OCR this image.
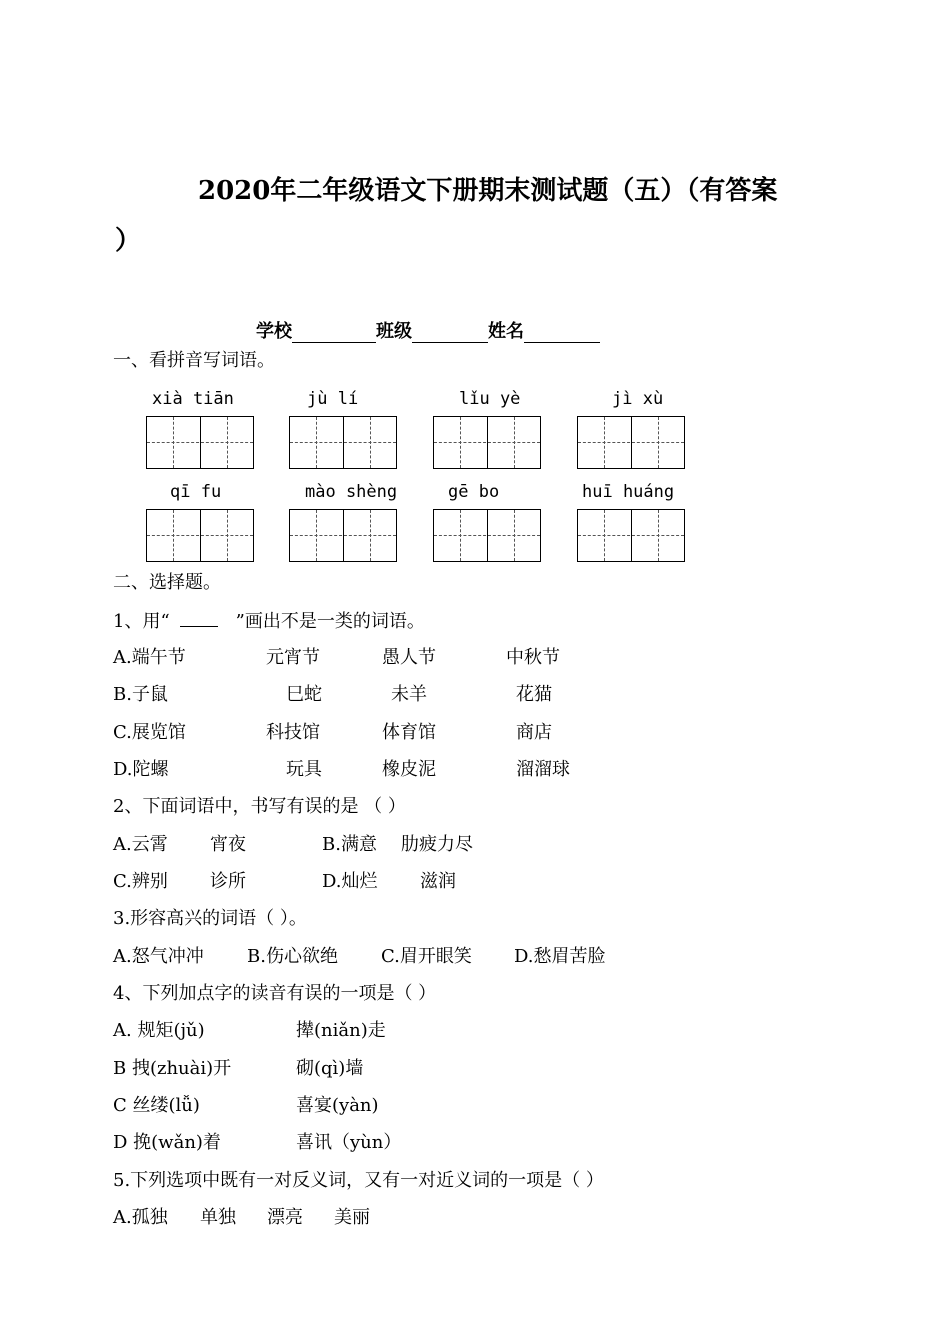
2020年二年级语文下册期末测试题（五）（有答案
）
学校	班级	姓名
一、看拼音写词语。
xià tiān	jù lí	lǐu yè	jì xù
qī fu	mào shèng	gē bo	huī huáng
二、选择题。
1、用“	”画出不是一类的词语。
A.端午节	元宵节	愚人节	中秋节
B.子鼠	巳蛇	未羊	花猫
C.展览馆	科技馆	体育馆	商店
D.陀螺	玩具	橡皮泥	溜溜球
2、下面词语中，书写有误的是 （ ）
A.云霄 宵夜	B.满意 肋疲力尽
C.辨别 诊所	D.灿烂 滋润
3.形容高兴的词语（ ）。
A.怒气冲冲 B.伤心欲绝 C.眉开眼笑 D.愁眉苦脸
4、下列加点字的读音有误的一项是（ ）
A. 规矩(jǔ)	撵(niǎn)走
B 拽(zhuài)开	砌(qì)墙
C 丝缕(lǚ)	喜宴(yàn)
D 挽(wǎn)着	喜讯（yùn）
5.下列选项中既有一对反义词，又有一对近义词的一项是（ ）
A.孤独 单独 漂亮 美丽
